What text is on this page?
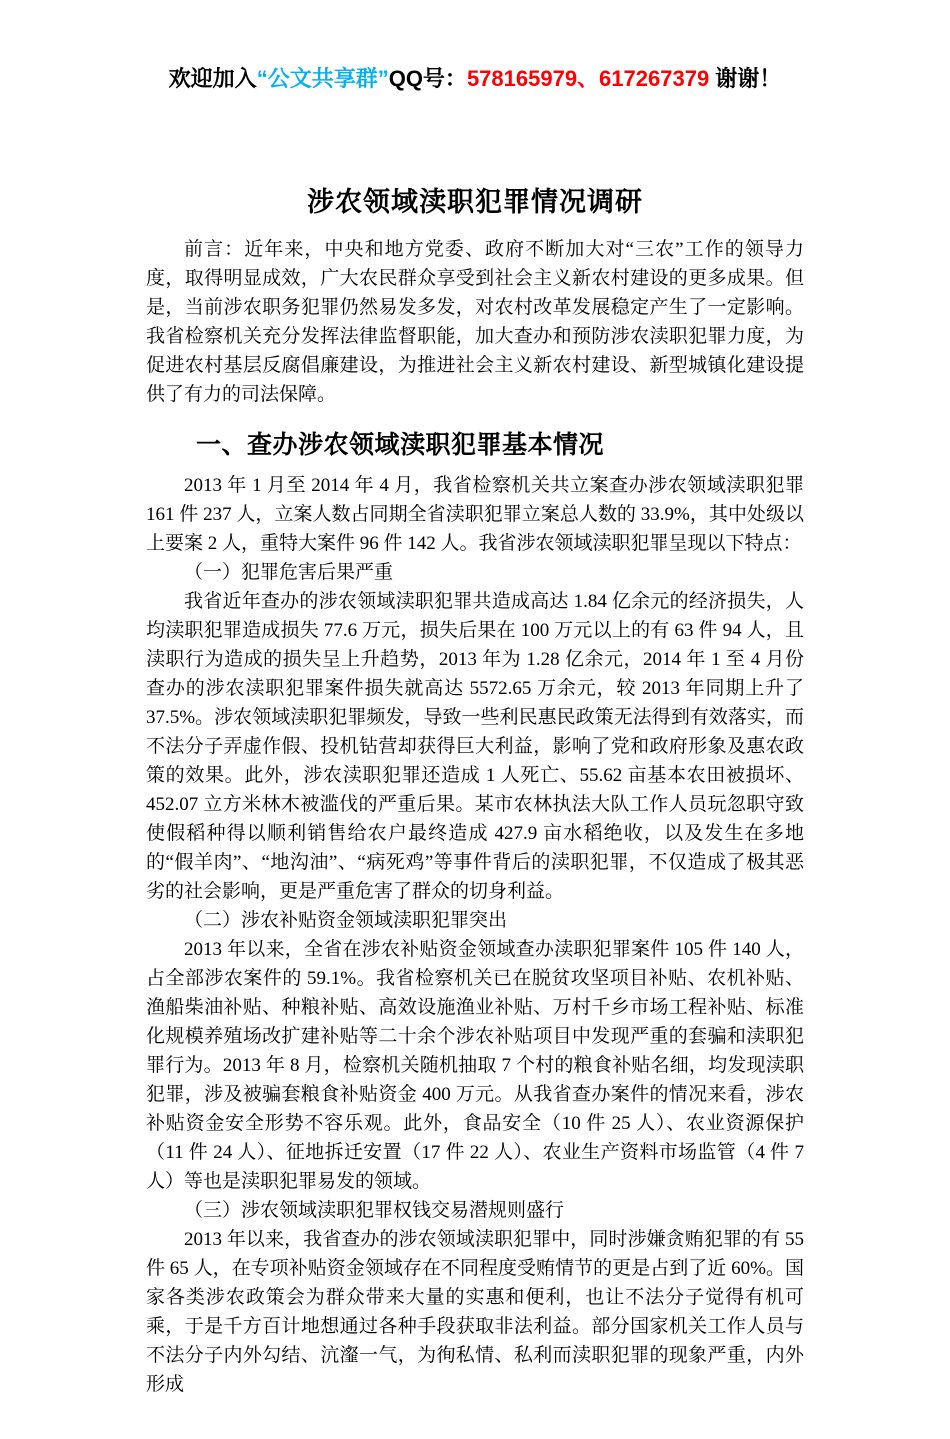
欢迎加入“公文共享群”QQ号：578165979、617267379 谢谢！
涉农领域渎职犯罪情况调研

前言：近年来，中央和地方党委、政府不断加大对“三农”工作的领导力度，取得明显成效，广大农民群众享受到社会主义新农村建设的更多成果。但是，当前涉农职务犯罪仍然易发多发，对农村改革发展稳定产生了一定影响。我省检察机关充分发挥法律监督职能，加大查办和预防涉农渎职犯罪力度，为促进农村基层反腐倡廉建设，为推进社会主义新农村建设、新型城镇化建设提供了有力的司法保障。

一、查办涉农领域渎职犯罪基本情况

2013 年 1 月至 2014 年 4 月，我省检察机关共立案查办涉农领域渎职犯罪 161 件 237 人，立案人数占同期全省渎职犯罪立案总人数的 33.9%，其中处级以上要案 2 人，重特大案件 96 件 142 人。我省涉农领域渎职犯罪呈现以下特点：

（一）犯罪危害后果严重

我省近年查办的涉农领域渎职犯罪共造成高达 1.84 亿余元的经济损失，人均渎职犯罪造成损失 77.6 万元，损失后果在 100 万元以上的有 63 件 94 人，且渎职行为造成的损失呈上升趋势，2013 年为 1.28 亿余元，2014 年 1 至 4 月份查办的涉农渎职犯罪案件损失就高达 5572.65 万余元，较 2013 年同期上升了 37.5%。涉农领域渎职犯罪频发，导致一些利民惠民政策无法得到有效落实，而不法分子弄虚作假、投机钻营却获得巨大利益，影响了党和政府形象及惠农政策的效果。此外，涉农渎职犯罪还造成 1 人死亡、55.62 亩基本农田被损坏、452.07 立方米林木被滥伐的严重后果。某市农林执法大队工作人员玩忽职守致使假稻种得以顺利销售给农户最终造成 427.9 亩水稻绝收，以及发生在多地的“假羊肉”、“地沟油”、“病死鸡”等事件背后的渎职犯罪，不仅造成了极其恶劣的社会影响，更是严重危害了群众的切身利益。

（二）涉农补贴资金领域渎职犯罪突出

2013 年以来，全省在涉农补贴资金领域查办渎职犯罪案件 105 件 140 人，占全部涉农案件的 59.1%。我省检察机关已在脱贫攻坚项目补贴、农机补贴、渔船柴油补贴、种粮补贴、高效设施渔业补贴、万村千乡市场工程补贴、标准化规模养殖场改扩建补贴等二十余个涉农补贴项目中发现严重的套骗和渎职犯罪行为。2013 年 8 月，检察机关随机抽取 7 个村的粮食补贴名细，均发现渎职犯罪，涉及被骗套粮食补贴资金 400 万元。从我省查办案件的情况来看，涉农补贴资金安全形势不容乐观。此外，食品安全（10 件 25 人）、农业资源保护（11 件 24 人）、征地拆迁安置（17 件 22 人）、农业生产资料市场监管（4 件 7 人）等也是渎职犯罪易发的领域。

（三）涉农领域渎职犯罪权钱交易潜规则盛行

2013 年以来，我省查办的涉农领域渎职犯罪中，同时涉嫌贪贿犯罪的有 55 件 65 人，在专项补贴资金领域存在不同程度受贿情节的更是占到了近 60%。国家各类涉农政策会为群众带来大量的实惠和便利，也让不法分子觉得有机可乘，于是千方百计地想通过各种手段获取非法利益。部分国家机关工作人员与不法分子内外勾结、沆瀣一气，为徇私情、私利而渎职犯罪的现象严重，内外形成
